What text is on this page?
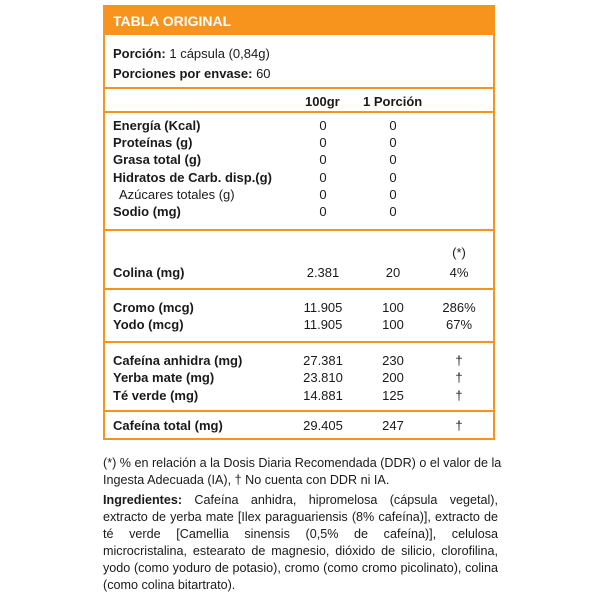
TABLA ORIGINAL
Porción: 1 cápsula (0,84g)
Porciones por envase: 60
100gr 1 Porción
Energía (Kcal)	0	0
Proteínas (g)	0	0
Grasa total (g)	0	0
Hidratos de Carb. disp.(g)	0	0
Azúcares totales (g)	0	0
Sodio (mg)	0	0
(*)
Colina (mg)	2.381	20	4%
Cromo (mcg)	11.905	100	286%
Yodo (mcg)	11.905	100	67%
Cafeína anhidra (mg)	27.381	230	†
Yerba mate (mg)	23.810	200	†
Té verde (mg)	14.881	125	†
Cafeína total (mg)	29.405	247	†
(*) % en relación a la Dosis Diaria Recomendada (DDR) o el valor de la
Ingesta Adecuada (IA), † No cuenta con DDR ni IA.
Ingredientes: Cafeína anhidra, hipromelosa (cápsula vegetal), extracto de yerba mate [Ilex paraguariensis (8% cafeína)], extracto de té verde [Camellia sinensis (0,5% de cafeína)], celulosa microcristalina, estearato de magnesio, dióxido de silicio, clorofilina, yodo (como yoduro de potasio), cromo (como cromo picolinato), colina (como colina bitartrato).
